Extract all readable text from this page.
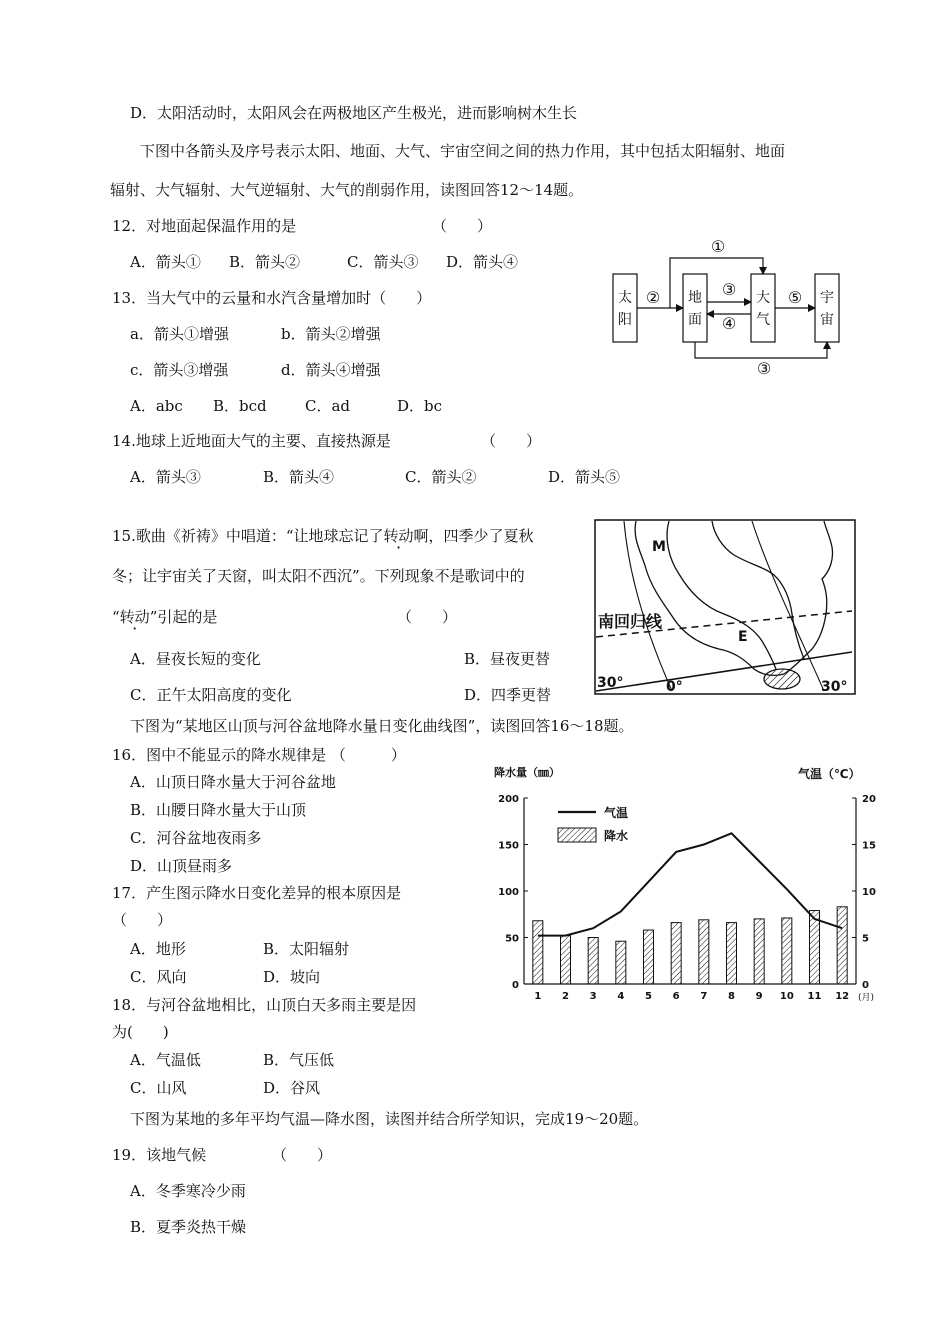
D．太阳活动时，太阳风会在两极地区产生极光，进而影响树木生长
下图中各箭头及序号表示太阳、地面、大气、宇宙空间之间的热力作用，其中包括太阳辐射、地面
辐射、大气辐射、大气逆辐射、大气的削弱作用，读图回答12～14题。
12．对地面起保温作用的是	（　　）
A．箭头① B．箭头②	C．箭头③ D．箭头④
13．当大气中的云量和水汽含量增加时（　　）
a．箭头①增强	b．箭头②增强
c．箭头③增强	d．箭头④增强
A．abc B．bcd	C．ad	D．bc
14.地球上近地面大气的主要、直接热源是	（　　）
A．箭头③	B．箭头④	C．箭头②	D．箭头⑤
15.歌曲《祈祷》中唱道：“让地球忘记了转动啊，四季少了夏秋
冬；让宇宙关了天窗，叫太阳不西沉”。下列现象不是歌词中的
“转动”引起的是	（　　）
A．昼夜长短的变化	B．昼夜更替
C．正午太阳高度的变化	D．四季更替
下图为“某地区山顶与河谷盆地降水量日变化曲线图”，读图回答16～18题。
16．图中不能显示的降水规律是 （　　　）
A．山顶日降水量大于河谷盆地
B．山腰日降水量大于山顶
C．河谷盆地夜雨多
D．山顶昼雨多
17．产生图示降水日变化差异的根本原因是
（　　）
A．地形	B．太阳辐射
C．风向	D．坡向
18．与河谷盆地相比，山顶白天多雨主要是因
为(　　)
A．气温低	B．气压低
C．山风	D．谷风
下图为某地的多年平均气温—降水图，读图并结合所学知识，完成19～20题。
19．该地气候	（　　）
A．冬季寒冷少雨
B．夏季炎热干燥
太阳
地面
大气
宇宙
①
②	③
④
⑤
③
M
E
南回归线
30°	0°	30°
降水量（㎜）	气温（℃）
0
50
100
150
200
0
5
10
15
20
1 2 3 4 5 6 7 8 9 10 11 12 (月)
气温
降水
